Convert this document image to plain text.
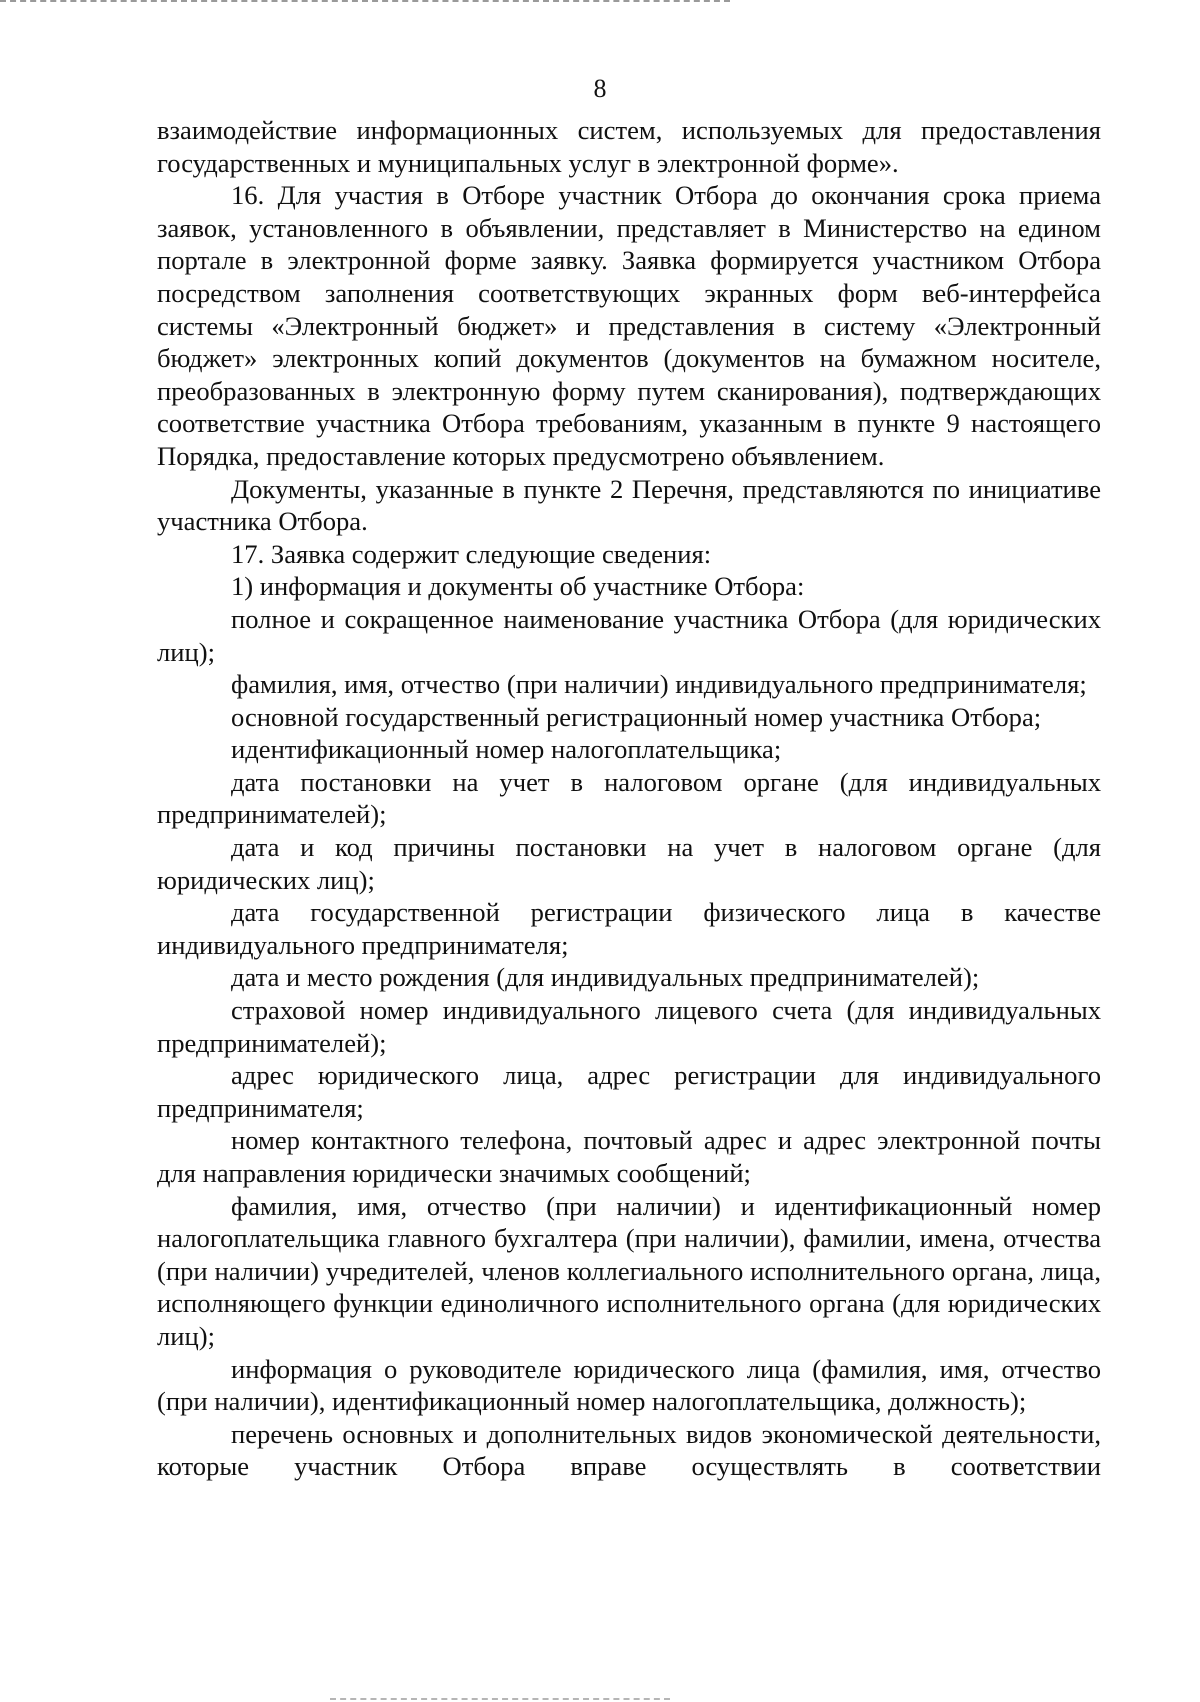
8

взаимодействие информационных систем, используемых для предоставления государственных и муниципальных услуг в электронной форме».

16. Для участия в Отборе участник Отбора до окончания срока приема заявок, установленного в объявлении, представляет в Министерство на едином портале в электронной форме заявку. Заявка формируется участником Отбора посредством заполнения соответствующих экранных форм веб-интерфейса системы «Электронный бюджет» и представления в систему «Электронный бюджет» электронных копий документов (документов на бумажном носителе, преобразованных в электронную форму путем сканирования), подтверждающих соответствие участника Отбора требованиям, указанным в пункте 9 настоящего Порядка, предоставление которых предусмотрено объявлением.

Документы, указанные в пункте 2 Перечня, представляются по инициативе участника Отбора.

17. Заявка содержит следующие сведения:

1) информация и документы об участнике Отбора:

полное и сокращенное наименование участника Отбора (для юридических лиц);

фамилия, имя, отчество (при наличии) индивидуального предпринимателя;

основной государственный регистрационный номер участника Отбора;

идентификационный номер налогоплательщика;

дата постановки на учет в налоговом органе (для индивидуальных предпринимателей);

дата и код причины постановки на учет в налоговом органе (для юридических лиц);

дата государственной регистрации физического лица в качестве индивидуального предпринимателя;

дата и место рождения (для индивидуальных предпринимателей);

страховой номер индивидуального лицевого счета (для индивидуальных предпринимателей);

адрес юридического лица, адрес регистрации для индивидуального предпринимателя;

номер контактного телефона, почтовый адрес и адрес электронной почты для направления юридически значимых сообщений;

фамилия, имя, отчество (при наличии) и идентификационный номер налогоплательщика главного бухгалтера (при наличии), фамилии, имена, отчества (при наличии) учредителей, членов коллегиального исполнительного органа, лица, исполняющего функции единоличного исполнительного органа (для юридических лиц);

информация о руководителе юридического лица (фамилия, имя, отчество (при наличии), идентификационный номер налогоплательщика, должность);

перечень основных и дополнительных видов экономической деятельности, которые участник Отбора вправе осуществлять в соответствии
